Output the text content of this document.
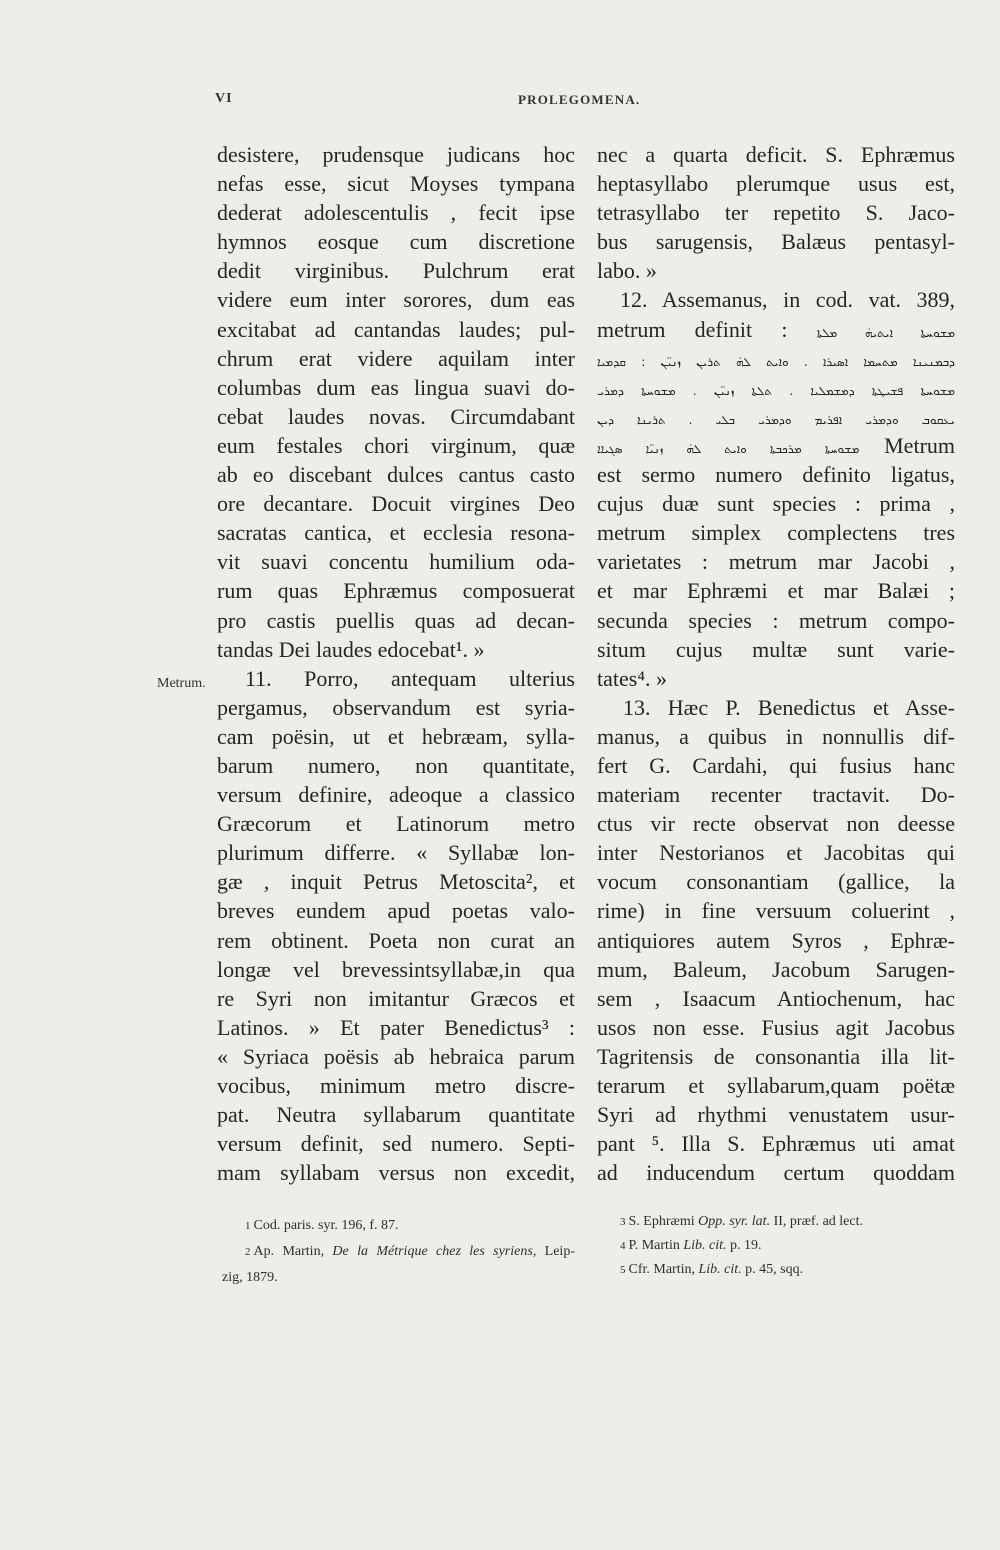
VI	PROLEGOMENA.
Metrum.
desistere, prudensque judicans hoc
nefas esse, sicut Moyses tympana
dederat adolescentulis , fecit ipse
hymnos eosque cum discretione
dedit virginibus. Pulchrum erat
videre eum inter sorores, dum eas
excitabat ad cantandas laudes; pul-
chrum erat videre aquilam inter
columbas dum eas lingua suavi do-
cebat laudes novas. Circumdabant
eum festales chori virginum, quæ
ab eo discebant dulces cantus casto
ore decantare. Docuit virgines Deo
sacratas cantica, et ecclesia resona-
vit suavi concentu humilium oda-
rum quas Ephræmus composuerat
pro castis puellis quas ad decan-
tandas Dei laudes edocebat¹. »
11. Porro, antequam ulterius
pergamus, observandum est syria-
cam poësin, ut et hebræam, sylla-
barum numero, non quantitate,
versum definire, adeoque a classico
Græcorum et Latinorum metro
plurimum differre. « Syllabæ lon-
gæ , inquit Petrus Metoscita², et
breves eundem apud poetas valo-
rem obtinent. Poeta non curat an
longæ vel brevessintsyllabæ,in qua
re Syri non imitantur Græcos et
Latinos. » Et pater Benedictus³ :
« Syriaca poësis ab hebraica parum
vocibus, minimum metro discre-
pat. Neutra syllabarum quantitate
versum definit, sed numero. Septi-
mam syllabam versus non excedit,
nec a quarta deficit. S. Ephræmus
heptasyllabo plerumque usus est,
tetrasyllabo ter repetito S. Jaco-
bus sarugensis, Balæus pentasyl-
labo. »
12. Assemanus, in cod. vat. 389,
metrum definit : ܡܫܘܚܬܐ ܐܝܬܝܗ̇ ܡܠܬܐ
ܕܒܡܢܝܢܐ ܡܬܚܡܐ ܐܣܝܪܐ . ܘܐܝܬ ܠܗ̇ ܬܪܝܢ ܙܢܝ̈ܢ : ܩܕܡܝܐ
ܡܫܘܚܬܐ ܦܫܝܛܬܐ ܕܡܫܡܠܝܐ . ܬܠܬܐ ܙܢܝ̈ܢ . ܡܫܘܚܬܐ ܕܡܪܝ
ܝܥܩܘܒ ܘܕܡܪܝ ܐܦܪܝܡ ܘܕܡܪܝ ܒܠܝ . ܬܪܝܢܐ ܕܝܢ
ܡܫܘܚܬܐ ܡܪܟܒܬܐ ܘܐܝܬ ܠܗ̇ ܙܢܝ̈ܐ ܣܓܝܐܐ Metrum
est sermo numero definito ligatus,
cujus duæ sunt species : prima ,
metrum simplex complectens tres
varietates : metrum mar Jacobi ,
et mar Ephræmi et mar Balæi ;
secunda species : metrum compo-
situm cujus multæ sunt varie-
tates⁴. »
13. Hæc P. Benedictus et Asse-
manus, a quibus in nonnullis dif-
fert G. Cardahi, qui fusius hanc
materiam recenter tractavit. Do-
ctus vir recte observat non deesse
inter Nestorianos et Jacobitas qui
vocum consonantiam (gallice, la
rime) in fine versuum coluerint ,
antiquiores autem Syros , Ephræ-
mum, Baleum, Jacobum Sarugen-
sem , Isaacum Antiochenum, hac
usos non esse. Fusius agit Jacobus
Tagritensis de consonantia illa lit-
terarum et syllabarum,quam poëtæ
Syri ad rhythmi venustatem usur-
pant ⁵. Illa S. Ephræmus uti amat
ad inducendum certum quoddam
1 Cod. paris. syr. 196, f. 87.
2 Ap. Martin, De la Métrique chez les syriens, Leip-
zig, 1879.
3 S. Ephræmi Opp. syr. lat. II, præf. ad lect.
4 P. Martin Lib. cit. p. 19.
5 Cfr. Martin, Lib. cit. p. 45, sqq.
